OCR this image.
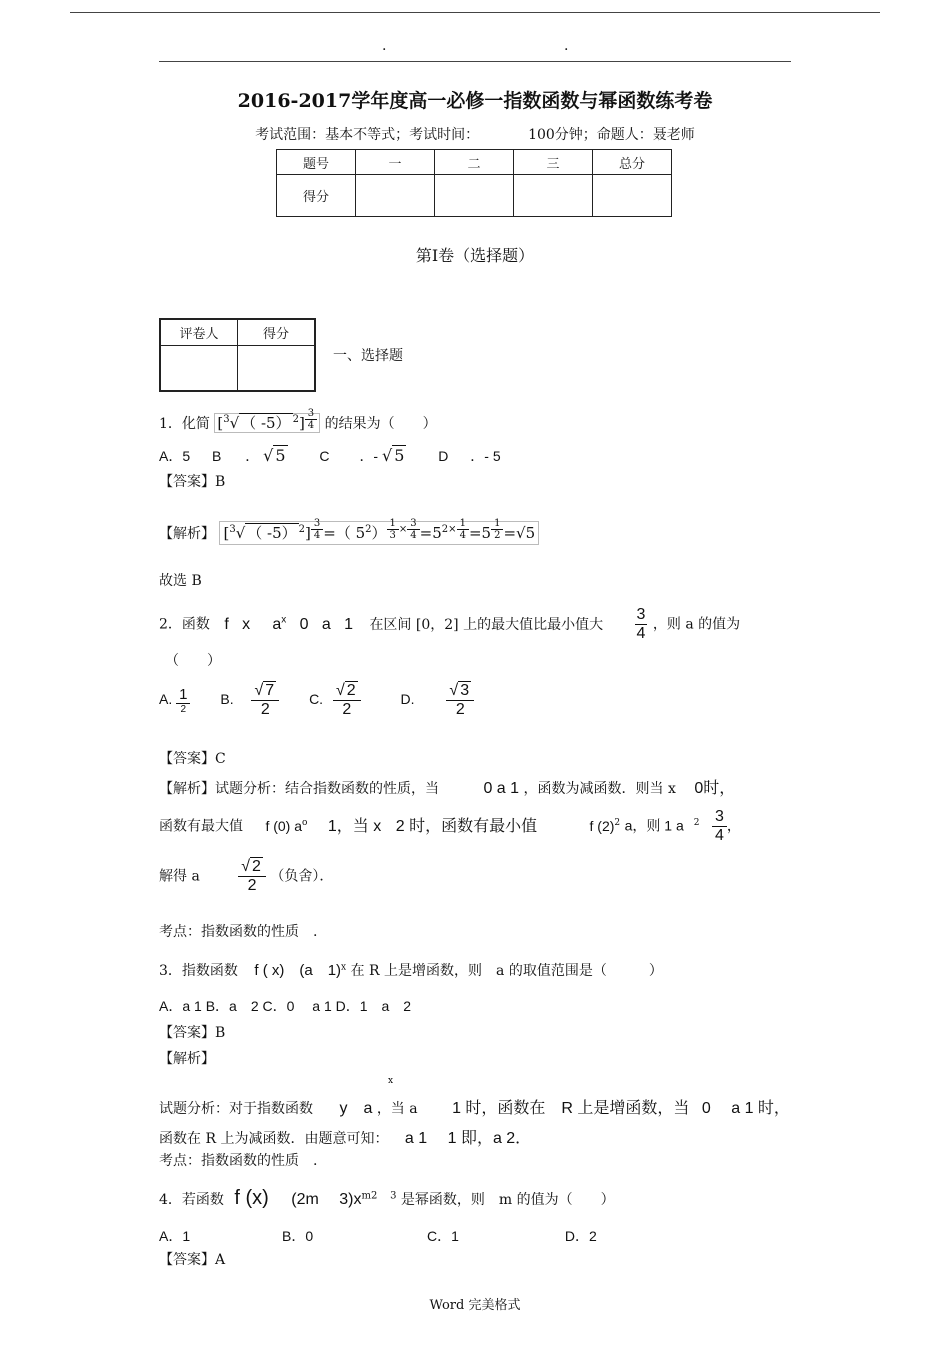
.	.
2016-2017学年度高一必修一指数函数与幂函数练考卷
考试范围：基本不等式；考试时间：	100分钟；命题人：聂老师
题号	一	二	三	总分
得分				
第I卷（选择题）
评卷人	得分

一、选择题
1．化简 [$^3$√ （ -5） $^2$] $^{\frac{3}{4}}$ 的结果为（　　）
A．5 B ． √ 5 C ．- √ 5 D ．- 5
【答案】B
【解析】 [$^3$√ （ -5） $^2$] $^{\frac{3}{4}}$ =（ $5^2$） $^{\frac{1}{3} \times \frac{3}{4}} =5^{2\times \frac{1}{4}} =5$ $^{\frac{1}{2}}$ =√5
故选 B
2．函数 f   x     $a^x$   0   a   1 在区间 [0，2] 上的最大值比最小值大 $\frac{3}{4}$ ，则 a 的值为
（　　）
A. $\frac{1}{2} B$. $\frac{√ 7}{2} C$. $\frac{√ 2}{2}$	D. $\frac{√ 3}{2}$
【答案】C
【解析】试题分析：结合指数函数的性质，当	0 a 1 ，函数为减函数．则当 x 0时，
函数有最大值 f (0) $a^o$ 1，当 x 2 时，函数有最小值	f $(2)^2$ a，则 1 a $^2 \frac{3}{4}$ ，
解得 a $\frac{√ 2}{2}$ （负舍）．
考点：指数函数的性质　.
3．指数函数 f ( x)　(a　1)$^x$ 在 R 上是增函数，则　a 的取值范围是（　　　）
A．a 1 B．a　2 C．0　 a 1 D．1　a　2
【答案】B
【解析】
x
试题分析：对于指数函数 y　a ，当 a 1 时，函数在　R 上是增函数，当 0　 a 1 时，
函数在 R 上为减函数．由题意可知： a 1　 1 即，a 2．
考点：指数函数的性质　.
4．若函数 f (x) (2m　 $3)x^{m2 3}$ 是幂函数，则　m 的值为（　　）
A．1	B．0	C．1	D．2
【答案】A
Word 完美格式
